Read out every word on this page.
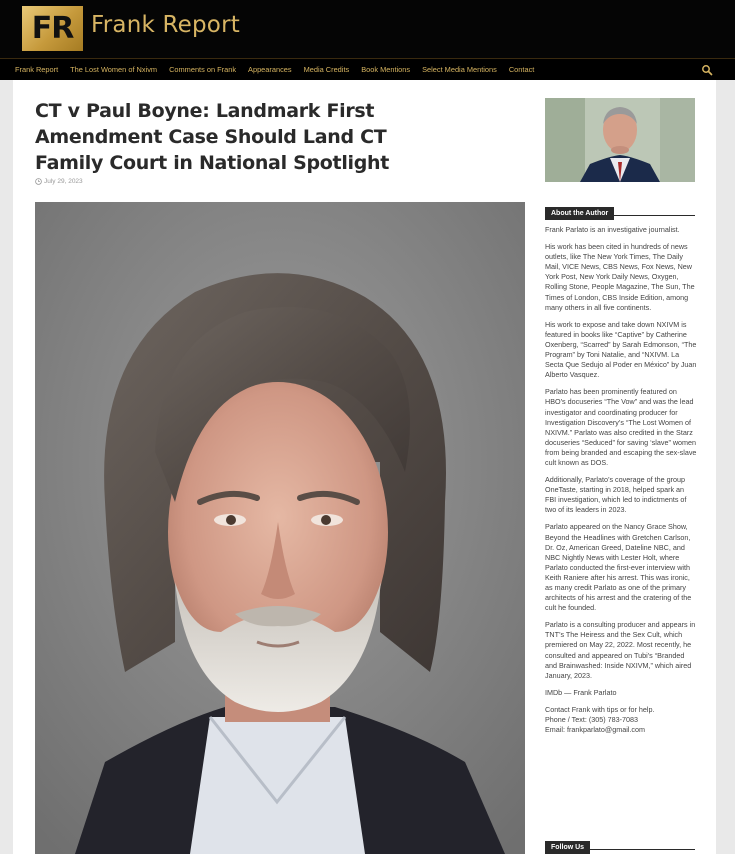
FR Frank Report
Frank Report	The Lost Women of Nxivm	Comments on Frank	Appearances	Media Credits	Book Mentions	Select Media Mentions	Contact
CT v Paul Boyne: Landmark First Amendment Case Should Land CT Family Court in National Spotlight
July 29, 2023
About the Author

Frank Parlato is an investigative journalist.

His work has been cited in hundreds of news outlets, like The New York Times, The Daily Mail, VICE News, CBS News, Fox News, New York Post, New York Daily News, Oxygen, Rolling Stone, People Magazine, The Sun, The Times of London, CBS Inside Edition, among many others in all five continents.

His work to expose and take down NXIVM is featured in books like “Captive” by Catherine Oxenberg, “Scarred” by Sarah Edmonson, “The Program” by Toni Natalie, and “NXIVM. La Secta Que Sedujo al Poder en México” by Juan Alberto Vasquez.

Parlato has been prominently featured on HBO’s docuseries “The Vow” and was the lead investigator and coordinating producer for Investigation Discovery’s “The Lost Women of NXIVM.” Parlato was also credited in the Starz docuseries “Seduced” for saving ‘slave” women from being branded and escaping the sex-slave cult known as DOS.

Additionally, Parlato’s coverage of the group OneTaste, starting in 2018, helped spark an FBI investigation, which led to indictments of two of its leaders in 2023.

Parlato appeared on the Nancy Grace Show, Beyond the Headlines with Gretchen Carlson, Dr. Oz, American Greed, Dateline NBC, and NBC Nightly News with Lester Holt, where Parlato conducted the first-ever interview with Keith Raniere after his arrest. This was ironic, as many credit Parlato as one of the primary architects of his arrest and the cratering of the cult he founded.

Parlato is a consulting producer and appears in TNT’s The Heiress and the Sex Cult, which premiered on May 22, 2022. Most recently, he consulted and appeared on Tubi’s “Branded and Brainwashed: Inside NXIVM,” which aired January, 2023.

IMDb — Frank Parlato

Contact Frank with tips or for help.
Phone / Text: (305) 783-7083
Email: frankparlato@gmail.com

Follow Us
